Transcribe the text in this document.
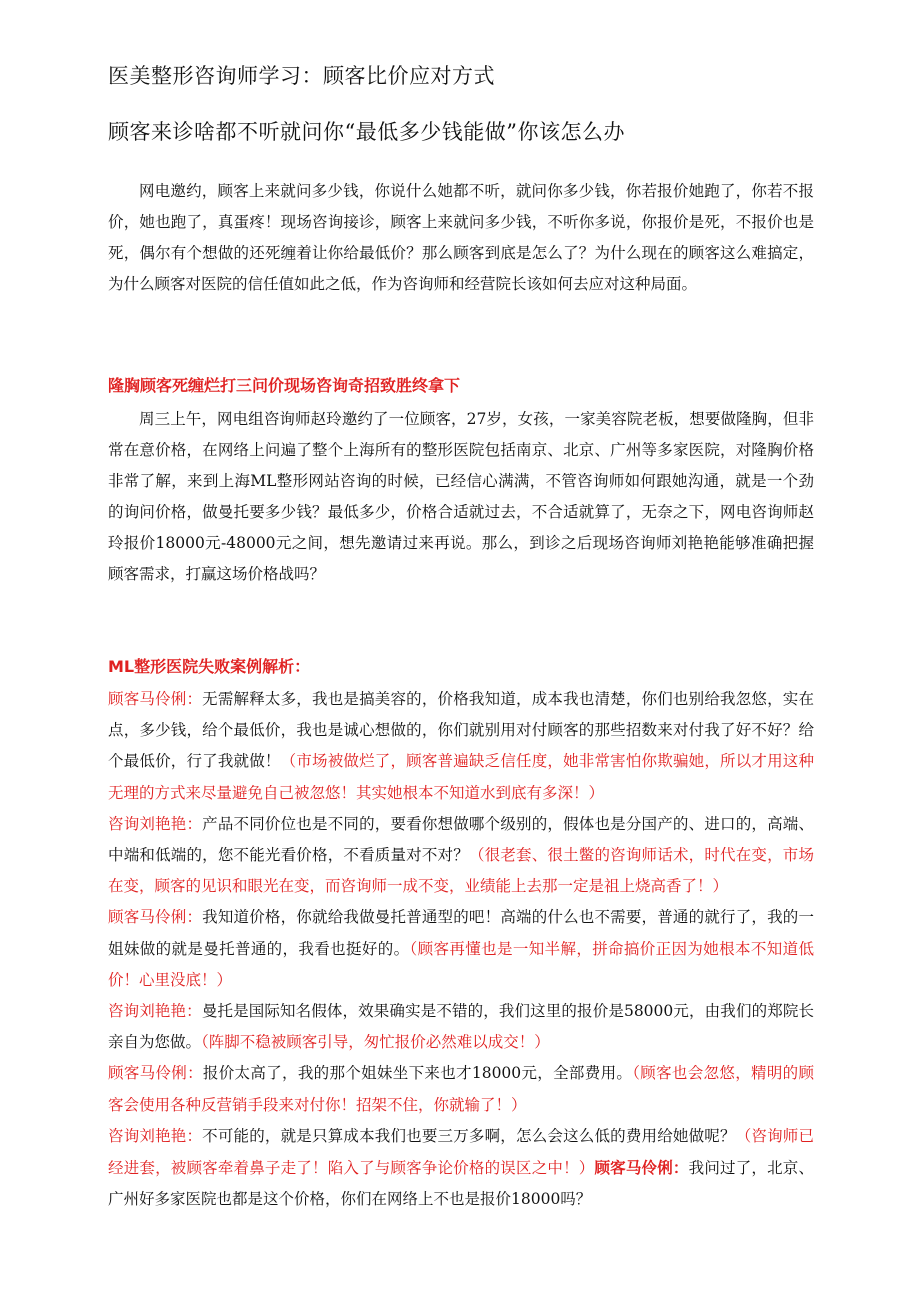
医美整形咨询师学习：顾客比价应对方式
顾客来诊啥都不听就问你“最低多少钱能做”你该怎么办

网电邀约，顾客上来就问多少钱，你说什么她都不听，就问你多少钱，你若报价她跑了，你若不报价，她也跑了，真蛋疼！现场咨询接诊，顾客上来就问多少钱，不听你多说，你报价是死，不报价也是死，偶尔有个想做的还死缠着让你给最低价？那么顾客到底是怎么了？为什么现在的顾客这么难搞定，为什么顾客对医院的信任值如此之低，作为咨询师和经营院长该如何去应对这种局面。

隆胸顾客死缠烂打三问价现场咨询奇招致胜终拿下

周三上午，网电组咨询师赵玲邀约了一位顾客，27岁，女孩，一家美容院老板，想要做隆胸，但非常在意价格，在网络上问遍了整个上海所有的整形医院包括南京、北京、广州等多家医院，对隆胸价格非常了解，来到上海ML整形网站咨询的时候，已经信心满满，不管咨询师如何跟她沟通，就是一个劲的询问价格，做曼托要多少钱？最低多少，价格合适就过去，不合适就算了，无奈之下，网电咨询师赵玲报价18000元-48000元之间，想先邀请过来再说。那么，到诊之后现场咨询师刘艳艳能够准确把握顾客需求，打赢这场价格战吗？

ML整形医院失败案例解析：

顾客马伶俐：无需解释太多，我也是搞美容的，价格我知道，成本我也清楚，你们也别给我忽悠，实在点，多少钱，给个最低价，我也是诚心想做的，你们就别用对付顾客的那些招数来对付我了好不好？给个最低价，行了我就做！（市场被做烂了，顾客普遍缺乏信任度，她非常害怕你欺骗她，所以才用这种无理的方式来尽量避免自己被忽悠！其实她根本不知道水到底有多深！）

咨询刘艳艳：产品不同价位也是不同的，要看你想做哪个级别的，假体也是分国产的、进口的，高端、中端和低端的，您不能光看价格，不看质量对不对？（很老套、很土鳖的咨询师话术，时代在变，市场在变，顾客的见识和眼光在变，而咨询师一成不变，业绩能上去那一定是祖上烧高香了！）

顾客马伶俐：我知道价格，你就给我做曼托普通型的吧！高端的什么也不需要，普通的就行了，我的一姐妹做的就是曼托普通的，我看也挺好的。（顾客再懂也是一知半解，拼命搞价正因为她根本不知道低价！心里没底！）

咨询刘艳艳：曼托是国际知名假体，效果确实是不错的，我们这里的报价是58000元，由我们的郑院长亲自为您做。（阵脚不稳被顾客引导，匆忙报价必然难以成交！）

顾客马伶俐：报价太高了，我的那个姐妹坐下来也才18000元，全部费用。（顾客也会忽悠，精明的顾客会使用各种反营销手段来对付你！招架不住，你就输了！）

咨询刘艳艳：不可能的，就是只算成本我们也要三万多啊，怎么会这么低的费用给她做呢？（咨询师已经进套，被顾客牵着鼻子走了！陷入了与顾客争论价格的误区之中！）顾客马伶俐：我问过了，北京、广州好多家医院也都是这个价格，你们在网络上不也是报价18000吗？
